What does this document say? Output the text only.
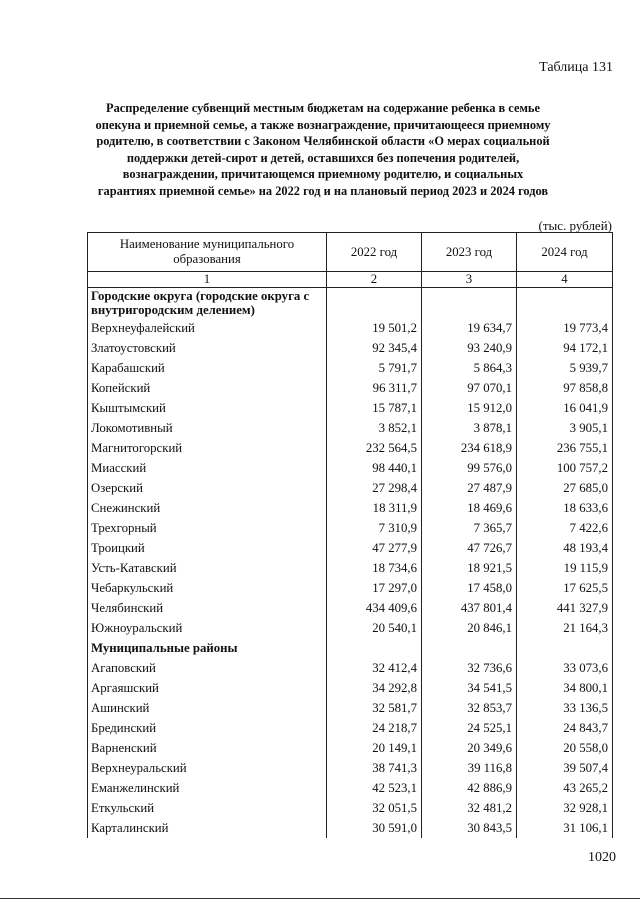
Таблица 131
Распределение субвенций местным бюджетам на содержание ребенка в семье
опекуна и приемной семье, а также вознаграждение, причитающееся приемному
родителю, в соответствии с Законом Челябинской области «О мерах социальной
поддержки детей-сирот и детей, оставшихся без попечения родителей,
вознаграждении, причитающемся приемному родителю, и социальных
гарантиях приемной семье» на 2022 год и на плановый период 2023 и 2024 годов
(тыс. рублей)
Наименование муниципального образования	2022 год	2023 год	2024 год
1	2	3	4
Городские округа (городские округа с внутригородским делением)			
Верхнеуфалейский	19 501,2	19 634,7	19 773,4
Златоустовский	92 345,4	93 240,9	94 172,1
Карабашский	5 791,7	5 864,3	5 939,7
Копейский	96 311,7	97 070,1	97 858,8
Кыштымский	15 787,1	15 912,0	16 041,9
Локомотивный	3 852,1	3 878,1	3 905,1
Магнитогорский	232 564,5	234 618,9	236 755,1
Миасский	98 440,1	99 576,0	100 757,2
Озерский	27 298,4	27 487,9	27 685,0
Снежинский	18 311,9	18 469,6	18 633,6
Трехгорный	7 310,9	7 365,7	7 422,6
Троицкий	47 277,9	47 726,7	48 193,4
Усть-Катавский	18 734,6	18 921,5	19 115,9
Чебаркульский	17 297,0	17 458,0	17 625,5
Челябинский	434 409,6	437 801,4	441 327,9
Южноуральский	20 540,1	20 846,1	21 164,3
Муниципальные районы			
Агаповский	32 412,4	32 736,6	33 073,6
Аргаяшский	34 292,8	34 541,5	34 800,1
Ашинский	32 581,7	32 853,7	33 136,5
Брединский	24 218,7	24 525,1	24 843,7
Варненский	20 149,1	20 349,6	20 558,0
Верхнеуральский	38 741,3	39 116,8	39 507,4
Еманжелинский	42 523,1	42 886,9	43 265,2
Еткульский	32 051,5	32 481,2	32 928,1
Карталинский	30 591,0	30 843,5	31 106,1
1020
